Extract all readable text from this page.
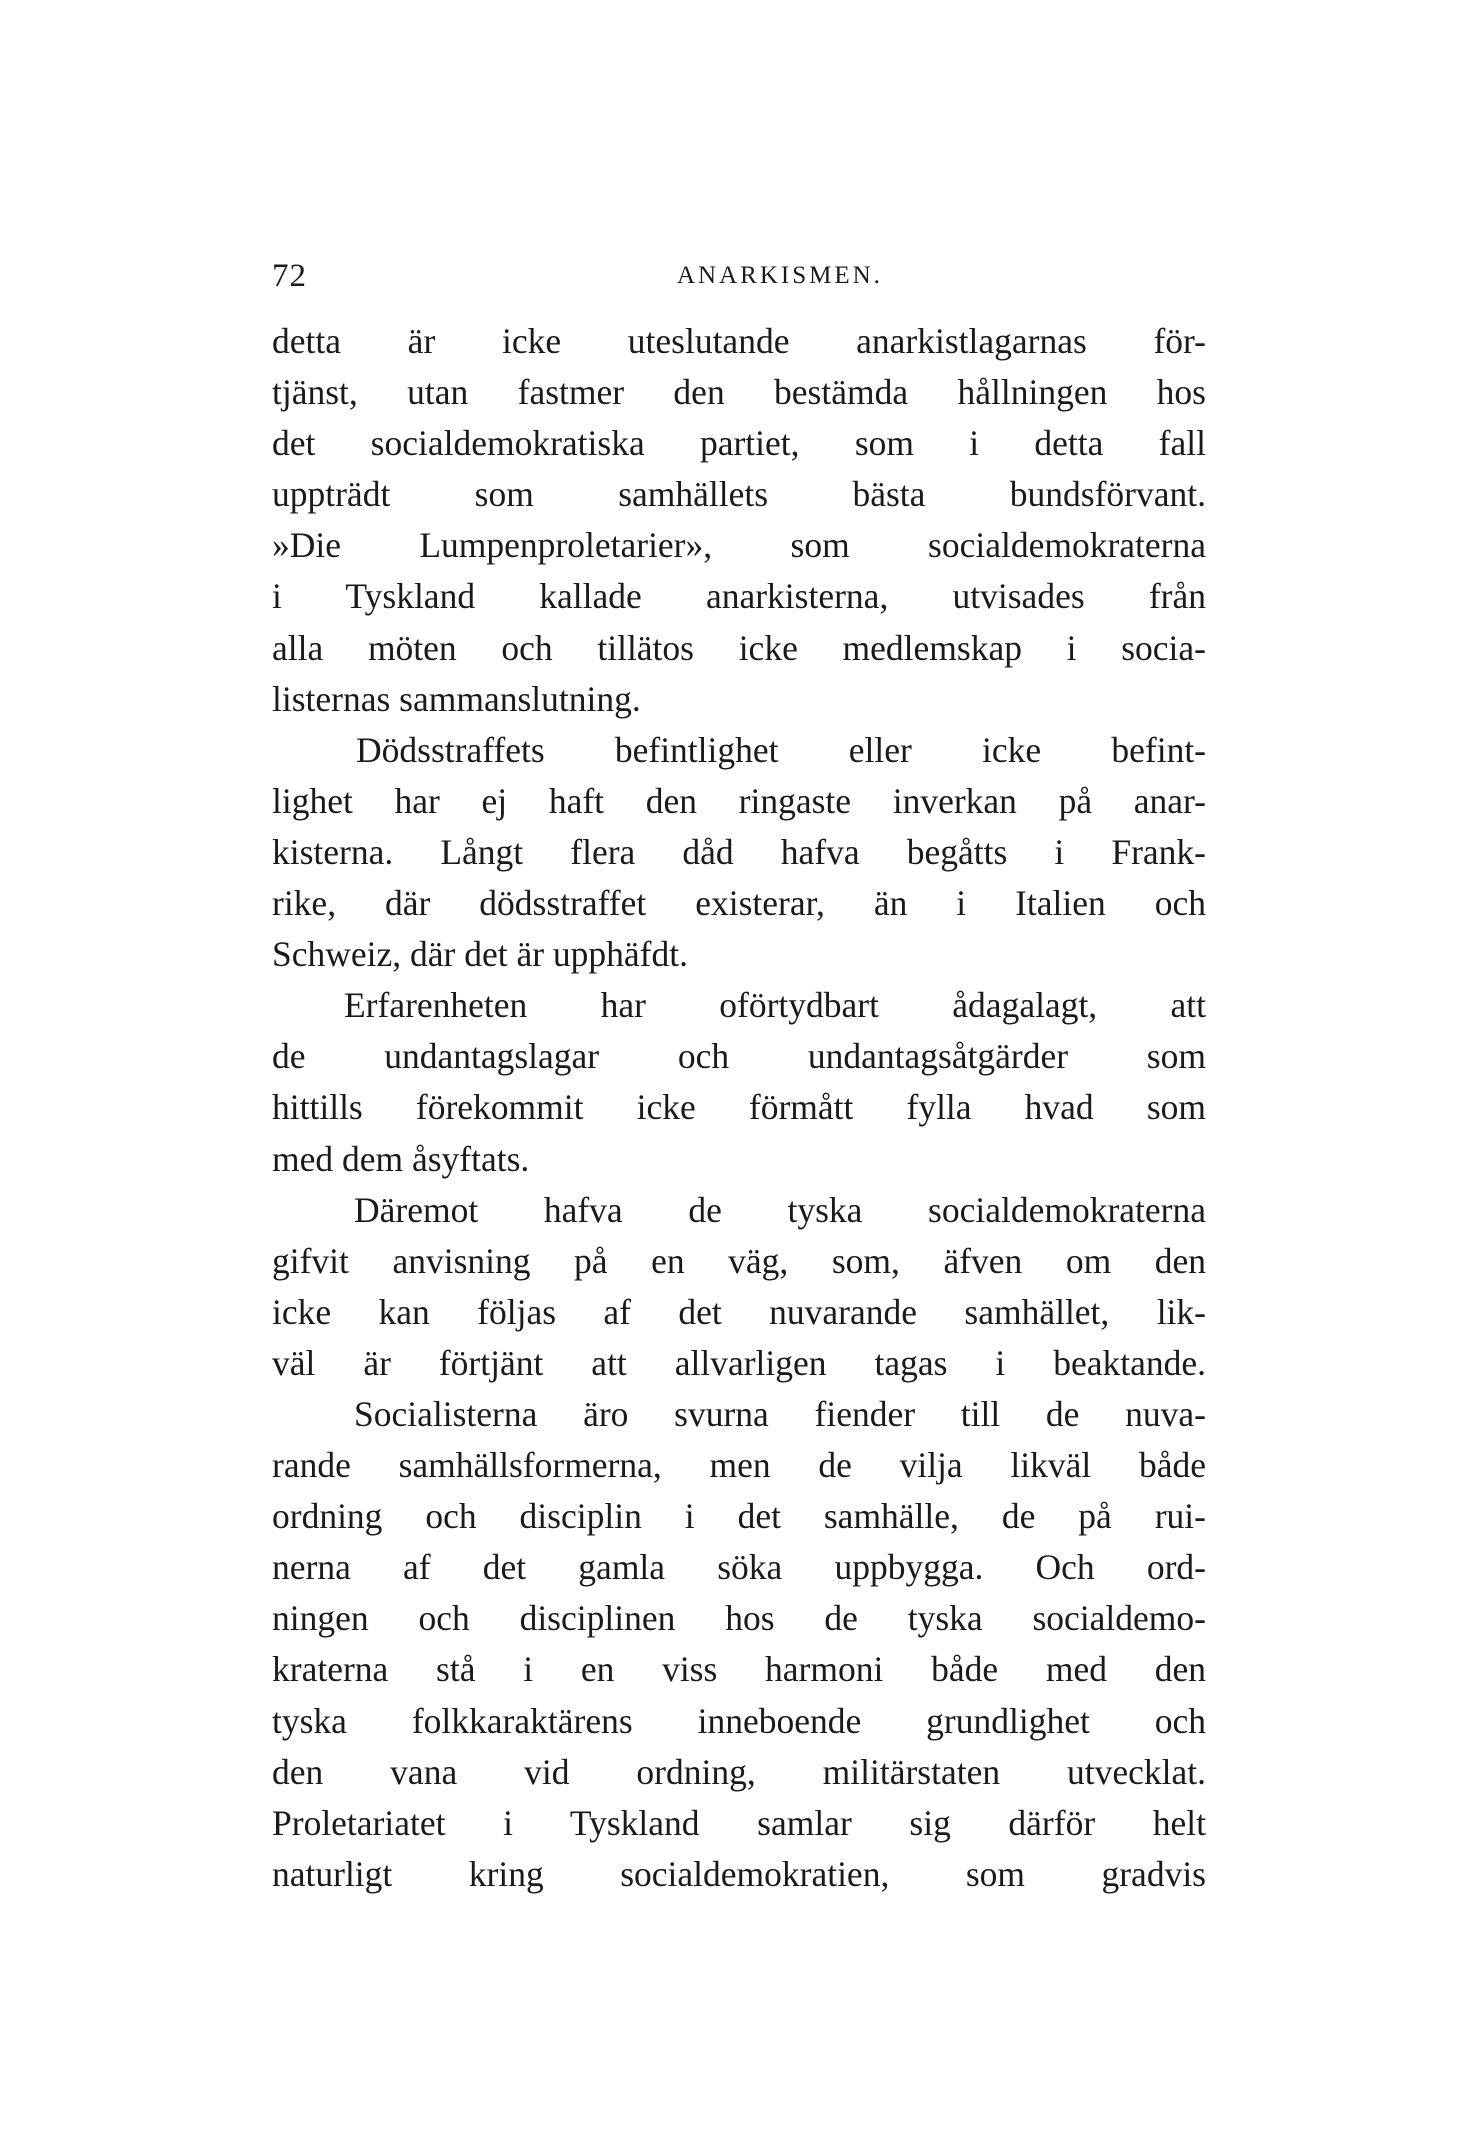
72	ANARKISMEN.
detta är icke uteslutande anarkistlagarnas för-
tjänst, utan fastmer den bestämda hållningen hos
det socialdemokratiska partiet, som i detta fall
uppträdt som samhällets bästa bundsförvant.
»Die Lumpenproletarier», som socialdemokraterna
i Tyskland kallade anarkisterna, utvisades från
alla möten och tillätos icke medlemskap i socia-
listernas sammanslutning.
Dödsstraffets befintlighet eller icke befint-
lighet har ej haft den ringaste inverkan på anar-
kisterna. Långt flera dåd hafva begåtts i Frank-
rike, där dödsstraffet existerar, än i Italien och
Schweiz, där det är upphäfdt.
Erfarenheten har oförtydbart ådagalagt, att
de undantagslagar och undantagsåtgärder som
hittills förekommit icke förmått fylla hvad som
med dem åsyftats.
Däremot hafva de tyska socialdemokraterna
gifvit anvisning på en väg, som, äfven om den
icke kan följas af det nuvarande samhället, lik-
väl är förtjänt att allvarligen tagas i beaktande.
Socialisterna äro svurna fiender till de nuva-
rande samhällsformerna, men de vilja likväl både
ordning och disciplin i det samhälle, de på rui-
nerna af det gamla söka uppbygga. Och ord-
ningen och disciplinen hos de tyska socialdemo-
kraterna stå i en viss harmoni både med den
tyska folkkaraktärens inneboende grundlighet och
den vana vid ordning, militärstaten utvecklat.
Proletariatet i Tyskland samlar sig därför helt
naturligt kring socialdemokratien, som gradvis
